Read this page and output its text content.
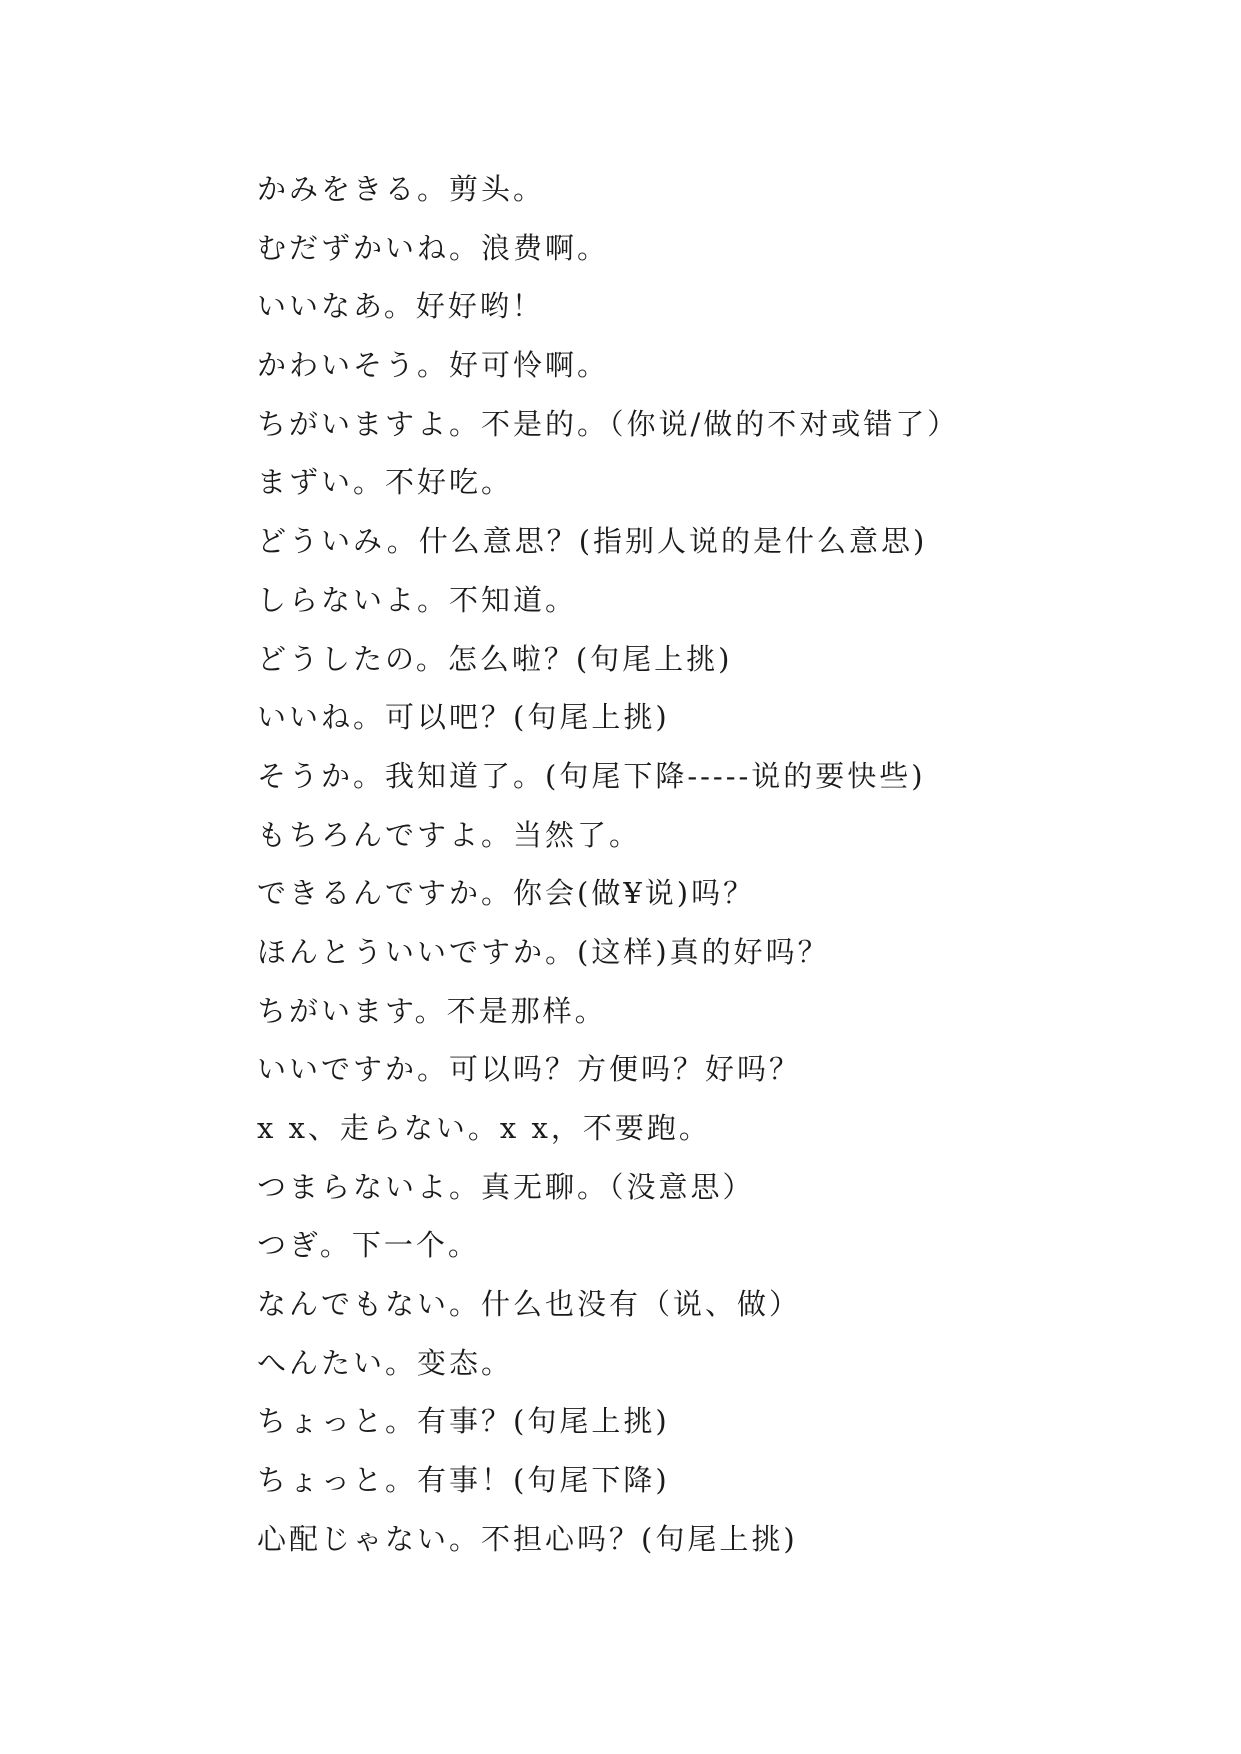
かみをきる。剪头。
むだずかいね。浪费啊。
いいなあ。好好哟！
かわいそう。好可怜啊。
ちがいますよ。不是的。（你说/做的不对或错了）
まずい。不好吃。
どういみ。什么意思？(指别人说的是什么意思)
しらないよ。不知道。
どうしたの。怎么啦？(句尾上挑)
いいね。可以吧？(句尾上挑)
そうか。我知道了。(句尾下降-----说的要快些)
もちろんですよ。当然了。
できるんですか。你会(做¥说)吗？
ほんとういいですか。(这样)真的好吗？
ちがいます。不是那样。
いいですか。可以吗？方便吗？好吗？
x x、走らない。x x，不要跑。
つまらないよ。真无聊。（没意思）
つぎ。下一个。
なんでもない。什么也没有（说、做）
へんたい。变态。
ちょっと。有事？(句尾上挑)
ちょっと。有事！(句尾下降)
心配じゃない。不担心吗？(句尾上挑)
